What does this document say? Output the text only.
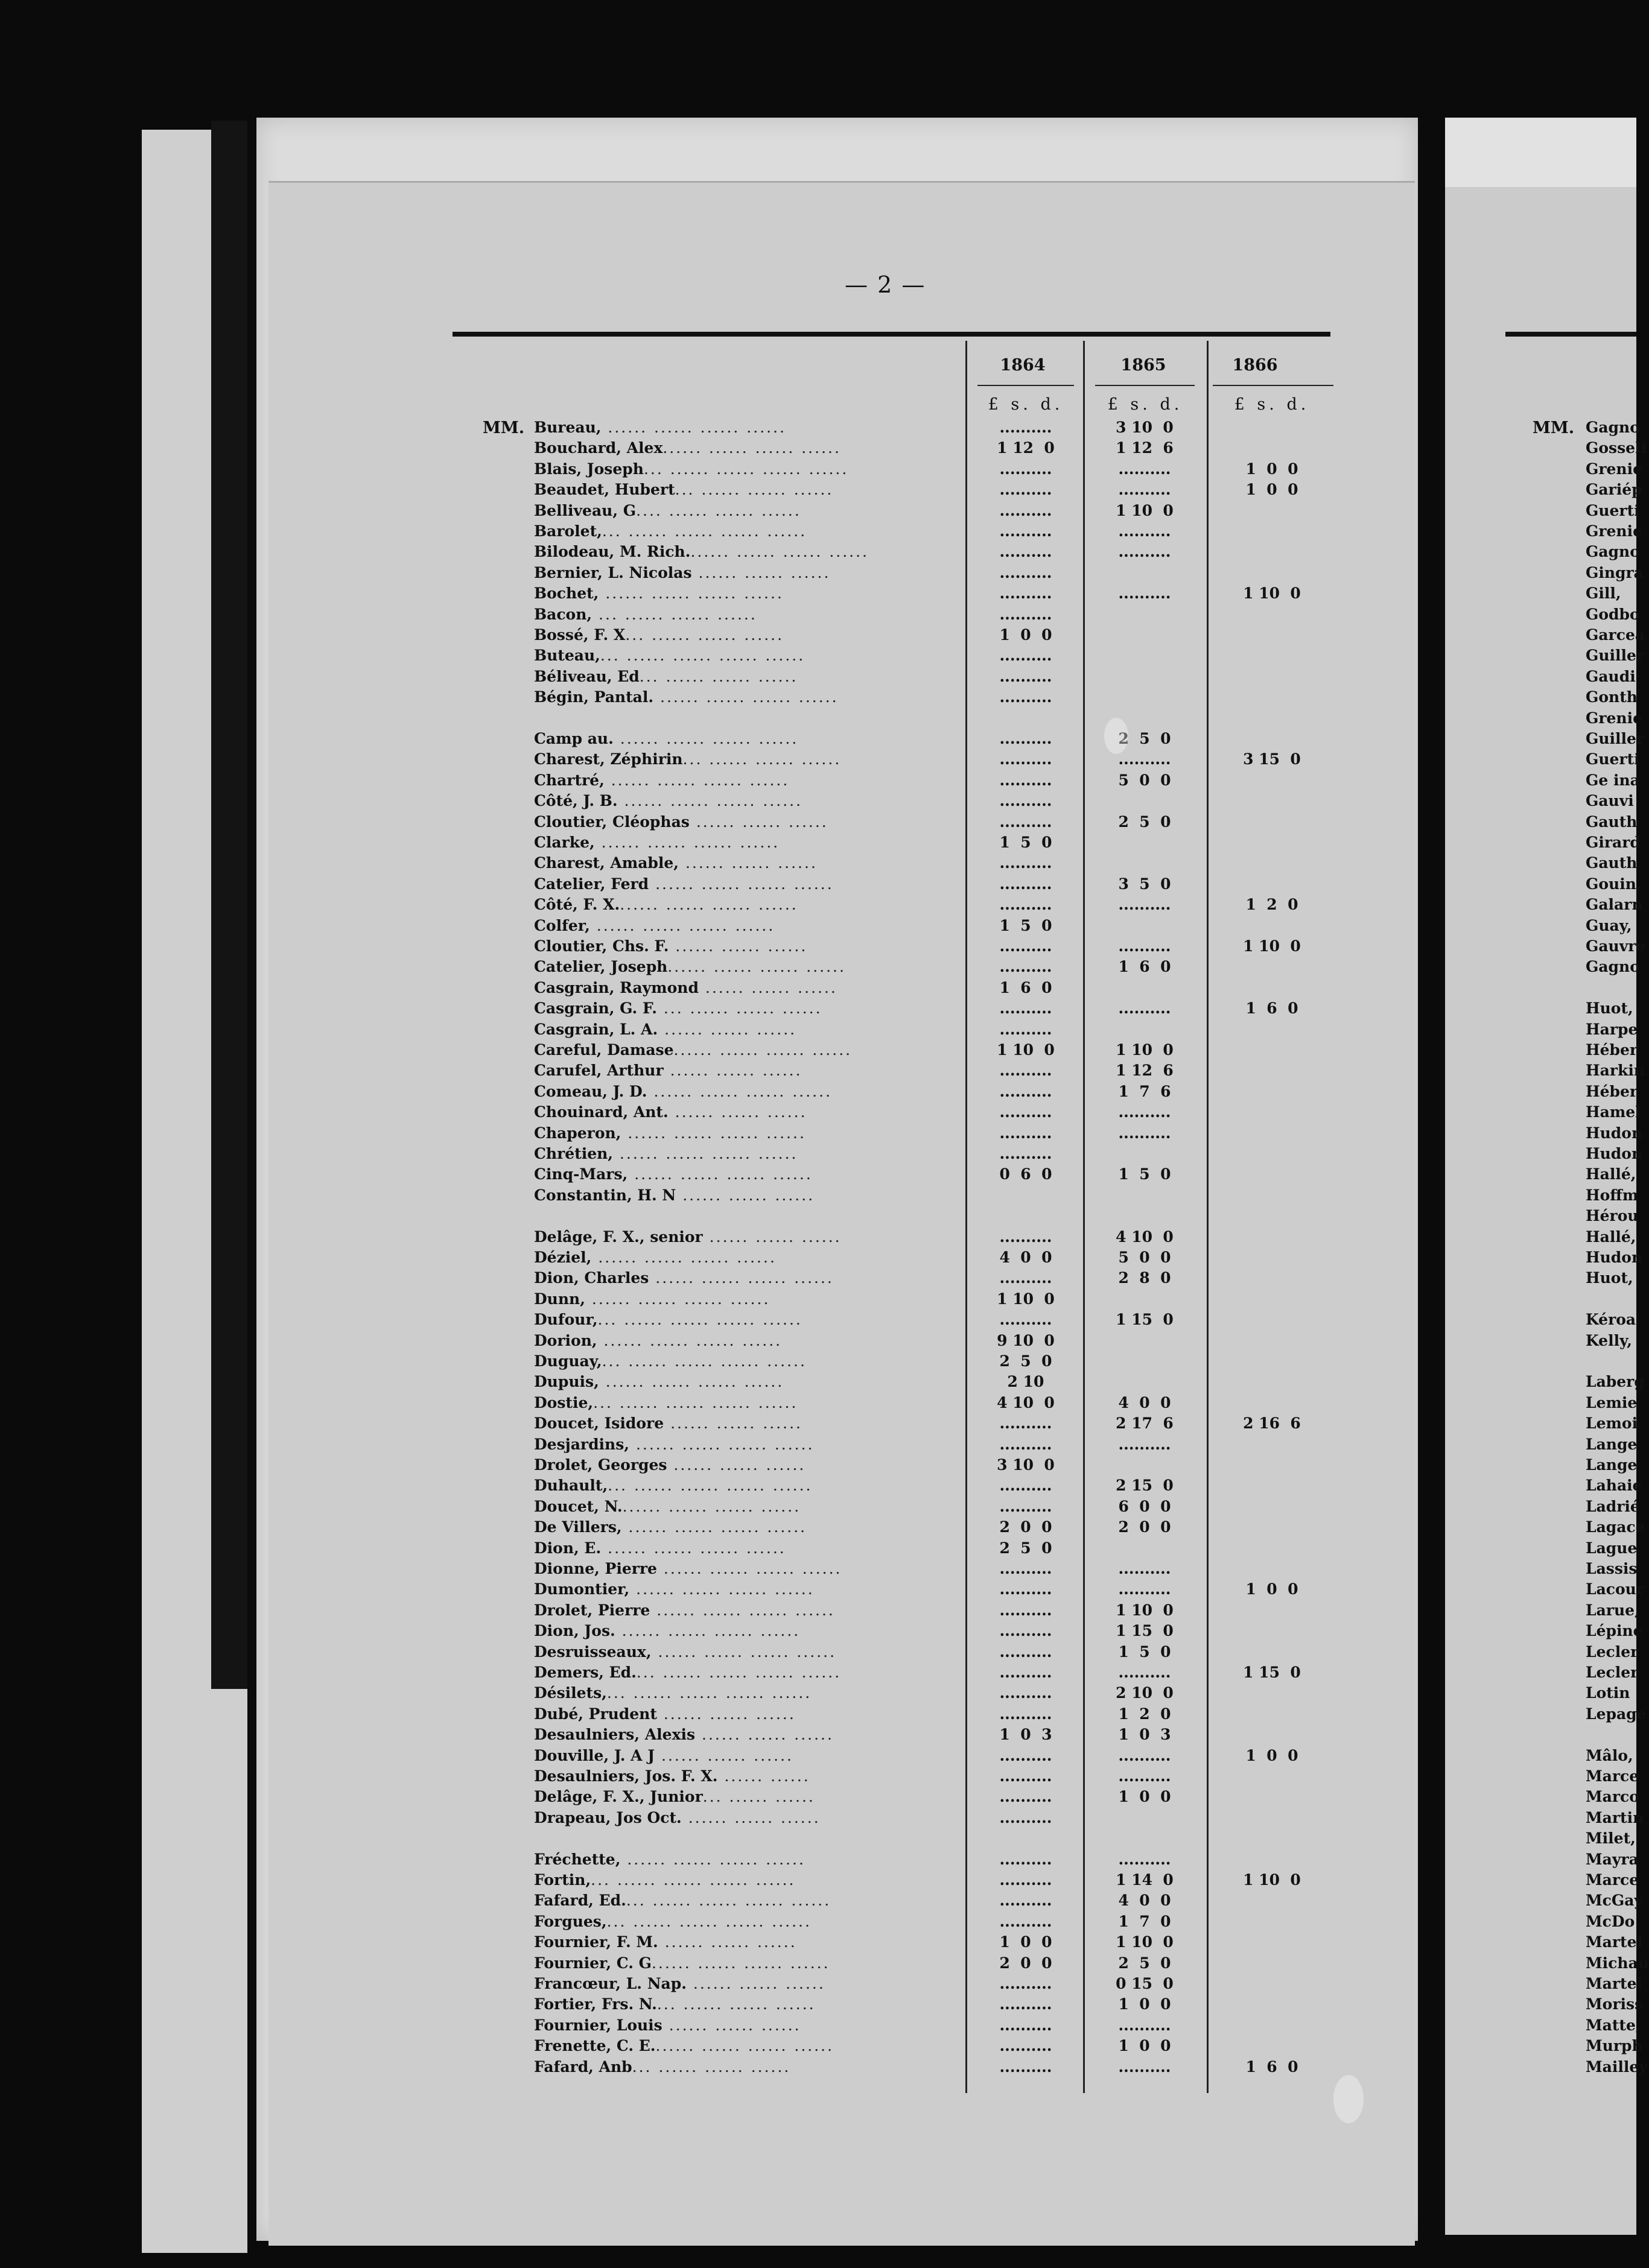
— 2 —
1864	1865	1866
£ s. d.	£ s. d.	£ s. d.
MM.	MM.
Bureau, ...... ...... ...... ......	..........	3 10  0
Bouchard, Alex...... ...... ...... ......	1 12  0	1 12  6
Blais, Joseph... ...... ...... ...... ......	..........	..........	1  0  0
Beaudet, Hubert... ...... ...... ......	..........	..........	1  0  0
Belliveau, G.... ...... ...... ......	..........	1 10  0
Barolet,... ...... ...... ...... ......	..........	..........
Bilodeau, M. Rich....... ...... ...... ......	..........	..........
Bernier, L. Nicolas ...... ...... ......	..........
Bochet, ...... ...... ...... ......	..........	..........	1 10  0
Bacon, ... ...... ...... ......	..........
Bossé, F. X... ...... ...... ......	1  0  0
Buteau,... ...... ...... ...... ......	..........
Béliveau, Ed... ...... ...... ......	..........
Bégin, Pantal. ...... ...... ...... ......	..........
Camp au. ...... ...... ...... ......	..........	2  5  0
Charest, Zéphirin... ...... ...... ......	..........	..........	3 15  0
Chartré, ...... ...... ...... ......	..........	5  0  0
Côté, J. B. ...... ...... ...... ......	..........
Cloutier, Cléophas ...... ...... ......	..........	2  5  0
Clarke, ...... ...... ...... ......	1  5  0
Charest, Amable, ...... ...... ......	..........
Catelier, Ferd ...... ...... ...... ......	..........	3  5  0
Côté, F. X....... ...... ...... ......	..........	..........	1  2  0
Colfer, ...... ...... ...... ......	1  5  0
Cloutier, Chs. F. ...... ...... ......	..........	..........	1 10  0
Catelier, Joseph...... ...... ...... ......	..........	1  6  0
Casgrain, Raymond ...... ...... ......	1  6  0
Casgrain, G. F. ... ...... ...... ......	..........	..........	1  6  0
Casgrain, L. A. ...... ...... ......	..........
Careful, Damase...... ...... ...... ......	1 10  0	1 10  0
Carufel, Arthur ...... ...... ......	..........	1 12  6
Comeau, J. D. ...... ...... ...... ......	..........	1  7  6
Chouinard, Ant. ...... ...... ......	..........	..........
Chaperon, ...... ...... ...... ......	..........	..........
Chrétien, ...... ...... ...... ......	..........
Cinq-Mars, ...... ...... ...... ......	0  6  0	1  5  0
Constantin, H. N ...... ...... ......
Delâge, F. X., senior ...... ...... ......	..........	4 10  0
Déziel, ...... ...... ...... ......	4  0  0	5  0  0
Dion, Charles ...... ...... ...... ......	..........	2  8  0
Dunn, ...... ...... ...... ......	1 10  0
Dufour,... ...... ...... ...... ......	..........	1 15  0
Dorion, ...... ...... ...... ......	9 10  0
Duguay,... ...... ...... ...... ......	2  5  0
Dupuis, ...... ...... ...... ......	2 10
Dostie,... ...... ...... ...... ......	4 10  0	4  0  0
Doucet, Isidore ...... ...... ......	..........	2 17  6	2 16  6
Desjardins, ...... ...... ...... ......	..........	..........
Drolet, Georges ...... ...... ......	3 10  0
Duhault,... ...... ...... ...... ......	..........	2 15  0
Doucet, N....... ...... ...... ......	..........	6  0  0
De Villers, ...... ...... ...... ......	2  0  0	2  0  0
Dion, E. ...... ...... ...... ......	2  5  0
Dionne, Pierre ...... ...... ...... ......	..........	..........
Dumontier, ...... ...... ...... ......	..........	..........	1  0  0
Drolet, Pierre ...... ...... ...... ......	..........	1 10  0
Dion, Jos. ...... ...... ...... ......	..........	1 15  0
Desruisseaux, ...... ...... ...... ......	..........	1  5  0
Demers, Ed.... ...... ...... ...... ......	..........	..........	1 15  0
Désilets,... ...... ...... ...... ......	..........	2 10  0
Dubé, Prudent ...... ...... ......	..........	1  2  0
Desaulniers, Alexis ...... ...... ......	1  0  3	1  0  3
Douville, J. A J ...... ...... ......	..........	..........	1  0  0
Desaulniers, Jos. F. X. ...... ......	..........	..........
Delâge, F. X., Junior... ...... ......	..........	1  0  0
Drapeau, Jos Oct. ...... ...... ......	..........
Fréchette, ...... ...... ...... ......	..........	..........
Fortin,... ...... ...... ...... ......	..........	1 14  0	1 10  0
Fafard, Ed.... ...... ...... ...... ......	..........	4  0  0
Forgues,... ...... ...... ...... ......	..........	1  7  0
Fournier, F. M. ...... ...... ......	1  0  0	1 10  0
Fournier, C. G...... ...... ...... ......	2  0  0	2  5  0
Francœur, L. Nap. ...... ...... ......	..........	0 15  0
Fortier, Frs. N.... ...... ...... ......	..........	1  0  0
Fournier, Louis ...... ...... ......	..........	..........
Frenette, C. E....... ...... ...... ......	..........	1  0  0
Fafard, Anb... ...... ...... ......	..........	..........	1  6  0
Gagno
Gosseli
Grenie
Gariép
Guerti
Grenie
Gagno
Gingra
Gill,
Godbo
Garcea
Guiller
Gaudi
Gonth
Grenie
Guiller
Guerti
Ge ina
Gauvi
Gauth
Girard
Gauth
Gouin,
Galarn
Guay,
Gauvre
Gagno
Huot,
Harpe
Héber
Harkin
Héber
Hamel
Hudon
Hudon
Hallé,
Hoffm
Hérou
Hallé,
Hudon
Huot,
Kéroa
Kelly,
Laberg
Lemie
Lemoi
Lange
Lange
Lahaie
Ladrié
Lagace
Lague
Lassis
Lacour
Larue,
Lépine
Lecler
Lecler
Lotin
Lepage
Mâlo,
Marce
Marco
Martin
Milet,
Mayra
Marce
McGay
McDo
Martel
Michau
Martel
Moriss
Matte,
Murph
Mailley
